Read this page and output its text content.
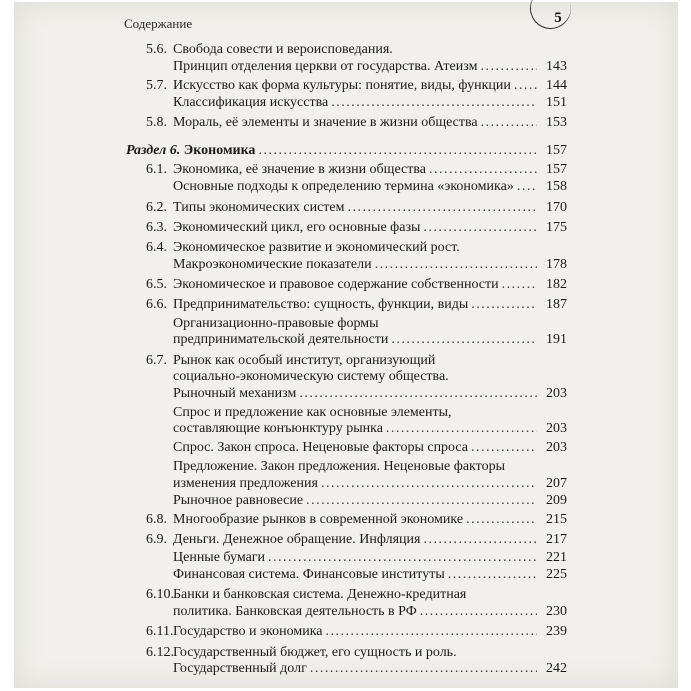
Содержание	5
5.6. Свобода совести и вероисповедания.
Принцип отделения церкви от государства. Атеизм . . .	143
5.7. Искусство как форма культуры: понятие, виды, функции . . .	144
Классификация искусства . . .	151
5.8. Мораль, её элементы и значение в жизни общества . . .	153
Раздел 6. Экономика . . .	157
6.1. Экономика, её значение в жизни общества . . .	157
Основные подходы к определению термина «экономика» . . . 158
6.2. Типы экономических систем . . .	170
6.3. Экономический цикл, его основные фазы . . .	175
6.4. Экономическое развитие и экономический рост.
Макроэкономические показатели . . .	178
6.5. Экономическое и правовое содержание собственности . . .	182
6.6. Предпринимательство: сущность, функции, виды . . .	187
Организационно-правовые формы
предпринимательской деятельности . . .	191
6.7. Рынок как особый институт, организующий
социально-экономическую систему общества.
Рыночный механизм . . .	203
Спрос и предложение как основные элементы,
составляющие конъюнктуру рынка . . .	203
Спрос. Закон спроса. Неценовые факторы спроса . . .	203
Предложение. Закон предложения. Неценовые факторы
изменения предложения . . .	207
Рыночное равновесие . . .	209
6.8. Многообразие рынков в современной экономике . . .	215
6.9. Деньги. Денежное обращение. Инфляция . . .	217
Ценные бумаги . . .	221
Финансовая система. Финансовые институты . . .	225
6.10. Банки и банковская система. Денежно-кредитная
политика. Банковская деятельность в РФ . . .	230
6.11. Государство и экономика . . .	239
6.12. Государственный бюджет, его сущность и роль.
Государственный долг . . .	242
